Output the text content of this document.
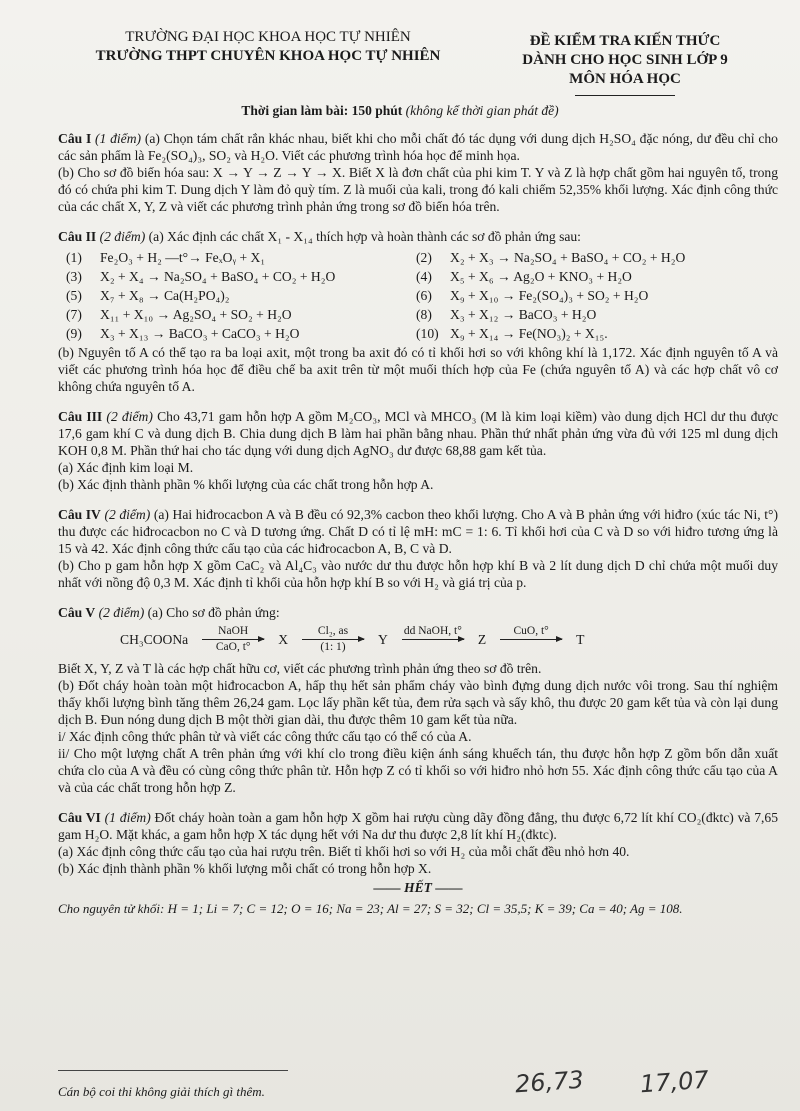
TRƯỜNG ĐẠI HỌC KHOA HỌC TỰ NHIÊN
TRƯỜNG THPT CHUYÊN KHOA HỌC TỰ NHIÊN
ĐỀ KIỂM TRA KIẾN THỨC
DÀNH CHO HỌC SINH LỚP 9
MÔN HÓA HỌC
Thời gian làm bài: 150 phút (không kể thời gian phát đề)

Câu I (1 điểm) (a) Chọn tám chất rắn khác nhau, biết khi cho mỗi chất đó tác dụng với dung dịch H₂SO₄ đặc nóng, dư đều chỉ cho các sản phẩm là Fe₂(SO₄)₃, SO₂ và H₂O. Viết các phương trình hóa học để minh họa.

(b) Cho sơ đồ biến hóa sau: X → Y → Z → Y → X. Biết X là đơn chất của phi kim T. Y và Z là hợp chất gồm hai nguyên tố, trong đó có chứa phi kim T. Dung dịch Y làm đỏ quỳ tím. Z là muối của kali, trong đó kali chiếm 52,35% khối lượng. Xác định công thức của các chất X, Y, Z và viết các phương trình phản ứng trong sơ đồ biến hóa trên.

Câu II (2 điểm) (a) Xác định các chất X₁ - X₁₄ thích hợp và hoàn thành các sơ đồ phản ứng sau:

(1)	Fe₂O₃ + H₂ —t°→ FeₓOᵧ + X₁	(2)	X₂ + X₃ → Na₂SO₄ + BaSO₄ + CO₂ + H₂O
(3)	X₂ + X₄ → Na₂SO₄ + BaSO₄ + CO₂ + H₂O	(4)	X₅ + X₆ → Ag₂O + KNO₃ + H₂O
(5)	X₇ + X₈ → Ca(H₂PO₄)₂	(6)	X₉ + X₁₀ → Fe₂(SO₄)₃ + SO₂ + H₂O
(7)	X₁₁ + X₁₀ → Ag₂SO₄ + SO₂ + H₂O	(8)	X₃ + X₁₂ → BaCO₃ + H₂O
(9)	X₃ + X₁₃ → BaCO₃ + CaCO₃ + H₂O	(10) X₉ + X₁₄ → Fe(NO₃)₂ + X₁₅.

(b) Nguyên tố A có thể tạo ra ba loại axit, một trong ba axit đó có tỉ khối hơi so với không khí là 1,172. Xác định nguyên tố A và viết các phương trình hóa học để điều chế ba axit trên từ một muối thích hợp của Fe (chứa nguyên tố A) và các hợp chất vô cơ không chứa nguyên tố A.

Câu III (2 điểm) Cho 43,71 gam hỗn hợp A gồm M₂CO₃, MCl và MHCO₃ (M là kim loại kiềm) vào dung dịch HCl dư thu được 17,6 gam khí C và dung dịch B. Chia dung dịch B làm hai phần bằng nhau. Phần thứ nhất phản ứng vừa đủ với 125 ml dung dịch KOH 0,8 M. Phần thứ hai cho tác dụng với dung dịch AgNO₃ dư được 68,88 gam kết tủa.

(a) Xác định kim loại M.

(b) Xác định thành phần % khối lượng của các chất trong hỗn hợp A.

Câu IV (2 điểm) (a) Hai hiđrocacbon A và B đều có 92,3% cacbon theo khối lượng. Cho A và B phản ứng với hiđro (xúc tác Ni, t°) thu được các hiđrocacbon no C và D tương ứng. Chất D có tỉ lệ mH: mC = 1: 6. Tỉ khối hơi của C và D so với hiđro tương ứng là 15 và 42. Xác định công thức cấu tạo của các hiđrocacbon A, B, C và D.

(b) Cho p gam hỗn hợp X gồm CaC₂ và Al₄C₃ vào nước dư thu được hỗn hợp khí B và 2 lít dung dịch D chỉ chứa một muối duy nhất với nồng độ 0,3 M. Xác định tỉ khối của hỗn hợp khí B so với H₂ và giá trị của p.

Câu V (2 điểm) (a) Cho sơ đồ phản ứng:

CH₃COONa
NaOH
CaO, t° X
Cl₂, as
(1: 1) Y
dd NaOH, t°

Z
CuO, t°

T

Biết X, Y, Z và T là các hợp chất hữu cơ, viết các phương trình phản ứng theo sơ đồ trên.

(b) Đốt cháy hoàn toàn một hiđrocacbon A, hấp thụ hết sản phẩm cháy vào bình đựng dung dịch nước vôi trong. Sau thí nghiệm thấy khối lượng bình tăng thêm 26,24 gam. Lọc lấy phần kết tủa, đem rửa sạch và sấy khô, thu được 20 gam kết tủa và còn lại dung dịch B. Đun nóng dung dịch B một thời gian dài, thu được thêm 10 gam kết tủa nữa.

i/ Xác định công thức phân tử và viết các công thức cấu tạo có thể có của A.

ii/ Cho một lượng chất A trên phản ứng với khí clo trong điều kiện ánh sáng khuếch tán, thu được hỗn hợp Z gồm bốn dẫn xuất chứa clo của A và đều có cùng công thức phân tử. Hỗn hợp Z có tỉ khối so với hiđro nhỏ hơn 55. Xác định công thức cấu tạo của A và của các chất trong hỗn hợp Z.

Câu VI (1 điểm) Đốt cháy hoàn toàn a gam hỗn hợp X gồm hai rượu cùng dãy đồng đẳng, thu được 6,72 lít khí CO₂(đktc) và 7,65 gam H₂O. Mặt khác, a gam hỗn hợp X tác dụng hết với Na dư thu được 2,8 lít khí H₂(đktc).

(a) Xác định công thức cấu tạo của hai rượu trên. Biết tỉ khối hơi so với H₂ của mỗi chất đều nhỏ hơn 40.

(b) Xác định thành phần % khối lượng mỗi chất có trong hỗn hợp X.

—— HẾT ——
Cho nguyên tử khối: H = 1; Li = 7; C = 12; O = 16; Na = 23; Al = 27; S = 32; Cl = 35,5; K = 39; Ca = 40; Ag = 108.
Cán bộ coi thi không giải thích gì thêm.	26,73 17,07
